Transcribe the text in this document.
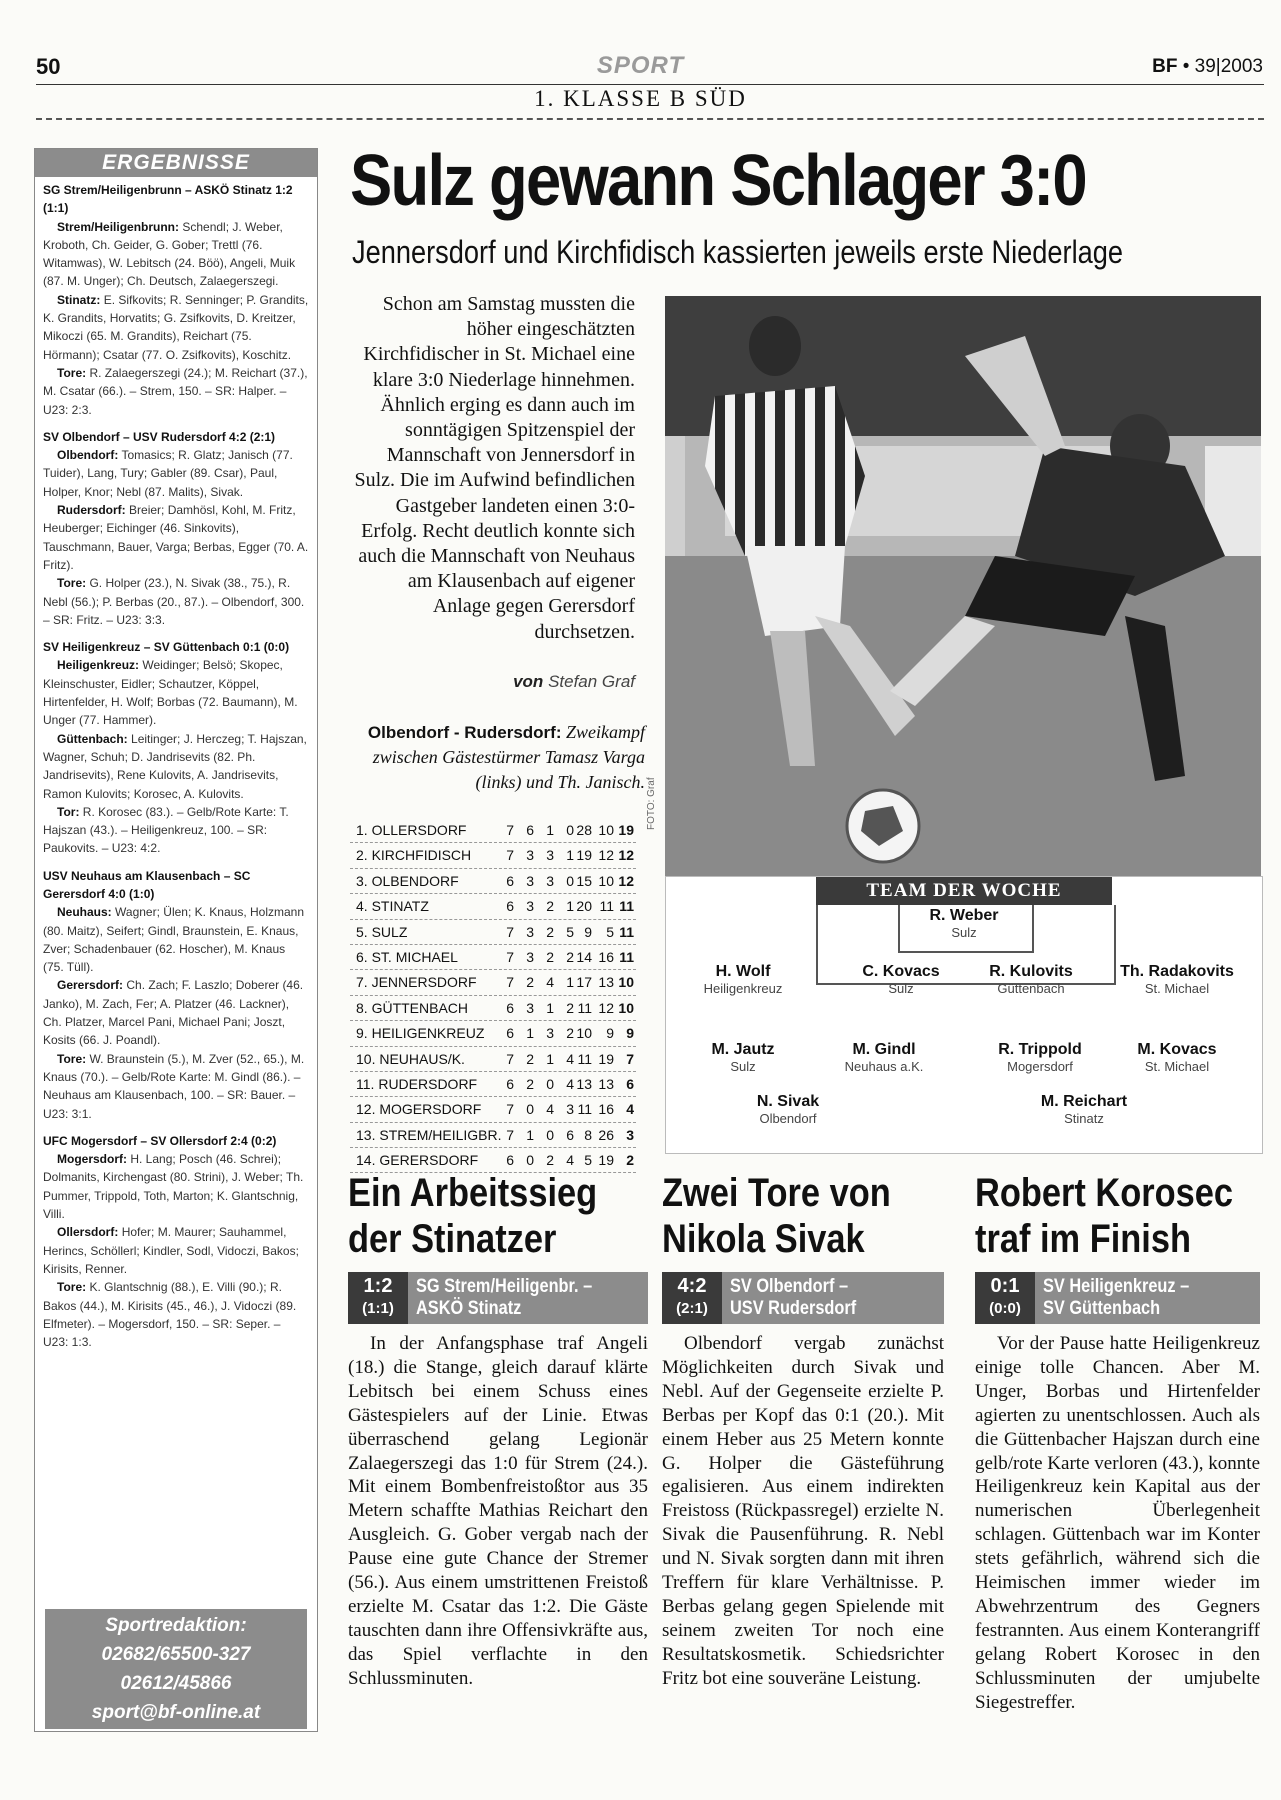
50	SPORT	BF • 39|2003
1. KLASSE B SÜD
ERGEBNISSE
SG Strem/Heiligenbrunn – ASKÖ Stinatz 1:2 (1:1)
Strem/Heiligenbrunn: Schendl; J. Weber, Kroboth, Ch. Geider, G. Gober; Trettl (76. Witamwas), W. Lebitsch (24. Böö), Angeli, Muik (87. M. Unger); Ch. Deutsch, Zalaegerszegi.
Stinatz: E. Sifkovits; R. Senninger; P. Grandits, K. Grandits, Horvatits; G. Zsifkovits, D. Kreitzer, Mikoczi (65. M. Grandits), Reichart (75. Hörmann); Csatar (77. O. Zsifkovits), Koschitz.
Tore: R. Zalaegerszegi (24.); M. Reichart (37.), M. Csatar (66.). – Strem, 150. – SR: Halper. – U23: 2:3.
SV Olbendorf – USV Rudersdorf 4:2 (2:1)
Olbendorf: Tomasics; R. Glatz; Janisch (77. Tuider), Lang, Tury; Gabler (89. Csar), Paul, Holper, Knor; Nebl (87. Malits), Sivak.
Rudersdorf: Breier; Damhösl, Kohl, M. Fritz, Heuberger; Eichinger (46. Sinkovits), Tauschmann, Bauer, Varga; Berbas, Egger (70. A. Fritz).
Tore: G. Holper (23.), N. Sivak (38., 75.), R. Nebl (56.); P. Berbas (20., 87.). – Olbendorf, 300. – SR: Fritz. – U23: 3:3.
SV Heiligenkreuz – SV Güttenbach 0:1 (0:0)
Heiligenkreuz: Weidinger; Belsö; Skopec, Kleinschuster, Eidler; Schautzer, Köppel, Hirtenfelder, H. Wolf; Borbas (72. Baumann), M. Unger (77. Hammer).
Güttenbach: Leitinger; J. Herczeg; T. Hajszan, Wagner, Schuh; D. Jandrisevits (82. Ph. Jandrisevits), Rene Kulovits, A. Jandrisevits, Ramon Kulovits; Korosec, A. Kulovits.
Tor: R. Korosec (83.). – Gelb/Rote Karte: T. Hajszan (43.). – Heiligenkreuz, 100. – SR: Paukovits. – U23: 4:2.
USV Neuhaus am Klausenbach – SC Gerersdorf 4:0 (1:0)
Neuhaus: Wagner; Ülen; K. Knaus, Holzmann (80. Maitz), Seifert; Gindl, Braunstein, E. Knaus, Zver; Schadenbauer (62. Hoscher), M. Knaus (75. Tüll).
Gerersdorf: Ch. Zach; F. Laszlo; Doberer (46. Janko), M. Zach, Fer; A. Platzer (46. Lackner), Ch. Platzer, Marcel Pani, Michael Pani; Joszt, Kosits (66. J. Poandl).
Tore: W. Braunstein (5.), M. Zver (52., 65.), M. Knaus (70.). – Gelb/Rote Karte: M. Gindl (86.). – Neuhaus am Klausenbach, 100. – SR: Bauer. – U23: 3:1.
UFC Mogersdorf – SV Ollersdorf 2:4 (0:2)
Mogersdorf: H. Lang; Posch (46. Schrei); Dolmanits, Kirchengast (80. Strini), J. Weber; Th. Pummer, Trippold, Toth, Marton; K. Glantschnig, Villi.
Ollersdorf: Hofer; M. Maurer; Sauhammel, Herincs, Schöllerl; Kindler, Sodl, Vidoczi, Bakos; Kirisits, Renner.
Tore: K. Glantschnig (88.), E. Villi (90.); R. Bakos (44.), M. Kirisits (45., 46.), J. Vidoczi (89. Elfmeter). – Mogersdorf, 150. – SR: Seper. – U23: 1:3.
Sportredaktion:
02682/65500-327
02612/45866
sport@bf-online.at
Sulz gewann Schlager 3:0
Jennersdorf und Kirchfidisch kassierten jeweils erste Niederlage
Schon am Samstag mussten die höher eingeschätzten Kirchfidischer in St. Michael eine klare 3:0 Niederlage hinnehmen. Ähnlich erging es dann auch im sonntägigen Spitzenspiel der Mannschaft von Jennersdorf in Sulz. Die im Aufwind befindlichen Gastgeber landeten einen 3:0-Erfolg. Recht deutlich konnte sich auch die Mannschaft von Neuhaus am Klausenbach auf eigener Anlage gegen Gerersdorf durchsetzen.
von Stefan Graf
Olbendorf - Rudersdorf: Zweikampf zwischen Gästestürmer Tamasz Varga (links) und Th. Janisch. FOTO: Graf
1. OLLERSDORF	7 6 1 0 28 10 19
2. KIRCHFIDISCH	7 3 3 1 19 12 12
3. OLBENDORF	6 3 3 0 15 10 12
4. STINATZ	6 3 2 1 20 11 11
5. SULZ	7 3 2 5 9	5 11
6. ST. MICHAEL	7 3 2 2 14 16 11
7. JENNERSDORF	7 2 4 1 17 13 10
8. GÜTTENBACH	6 3 1 2 11 12 10
9. HEILIGENKREUZ	6 1 3 2 10	9 9
10. NEUHAUS/K.	7 2 1 4 11 19 7
11. RUDERSDORF	6 2 0 4 13 13 6
12. MOGERSDORF	7 0 4 3 11 16 4
13. STREM/HEILIGBR. 7 1 0 6 8 26 3
14. GERERSDORF	6 0 2 4 5 19 2
TEAM DER WOCHE
R. Weber
Sulz
H. Wolf
Heiligenkreuz
C. Kovacs
Sulz
R. Kulovits
Güttenbach
Th. Radakovits
St. Michael
M. Jautz
Sulz
M. Gindl
Neuhaus a.K.
R. Trippold
Mogersdorf
M. Kovacs
St. Michael
N. Sivak
Olbendorf
M. Reichart
Stinatz
Ein Arbeitssieg
der Stinatzer
1:2
(1:1)
SG Strem/Heiligenbr. –
ASKÖ Stinatz
In der Anfangsphase traf Angeli (18.) die Stange, gleich darauf klärte Lebitsch bei einem Schuss eines Gästespielers auf der Linie. Etwas überraschend gelang Legionär Zalaegerszegi das 1:0 für Strem (24.). Mit einem Bombenfreistoßtor aus 35 Metern schaffte Mathias Reichart den Ausgleich. G. Gober vergab nach der Pause eine gute Chance der Stremer (56.). Aus einem umstrittenen Freistoß erzielte M. Csatar das 1:2. Die Gäste tauschten dann ihre Offensivkräfte aus, das Spiel verflachte in den Schlussminuten.
Zwei Tore von
Nikola Sivak
4:2
(2:1)
SV Olbendorf –
USV Rudersdorf
Olbendorf vergab zunächst Möglichkeiten durch Sivak und Nebl. Auf der Gegenseite erzielte P. Berbas per Kopf das 0:1 (20.). Mit einem Heber aus 25 Metern konnte G. Holper die Gästeführung egalisieren. Aus einem indirekten Freistoss (Rückpassregel) erzielte N. Sivak die Pausenführung. R. Nebl und N. Sivak sorgten dann mit ihren Treffern für klare Verhältnisse. P. Berbas gelang gegen Spielende mit seinem zweiten Tor noch eine Resultatskosmetik. Schiedsrichter Fritz bot eine souveräne Leistung.
Robert Korosec
traf im Finish
0:1
(0:0)
SV Heiligenkreuz –
SV Güttenbach
Vor der Pause hatte Heiligenkreuz einige tolle Chancen. Aber M. Unger, Borbas und Hirtenfelder agierten zu unentschlossen. Auch als die Güttenbacher Hajszan durch eine gelb/rote Karte verloren (43.), konnte Heiligenkreuz kein Kapital aus der numerischen Überlegenheit schlagen. Güttenbach war im Konter stets gefährlich, während sich die Heimischen immer wieder im Abwehrzentrum des Gegners festrannten. Aus einem Konterangriff gelang Robert Korosec in den Schlussminuten der umjubelte Siegestreffer.
